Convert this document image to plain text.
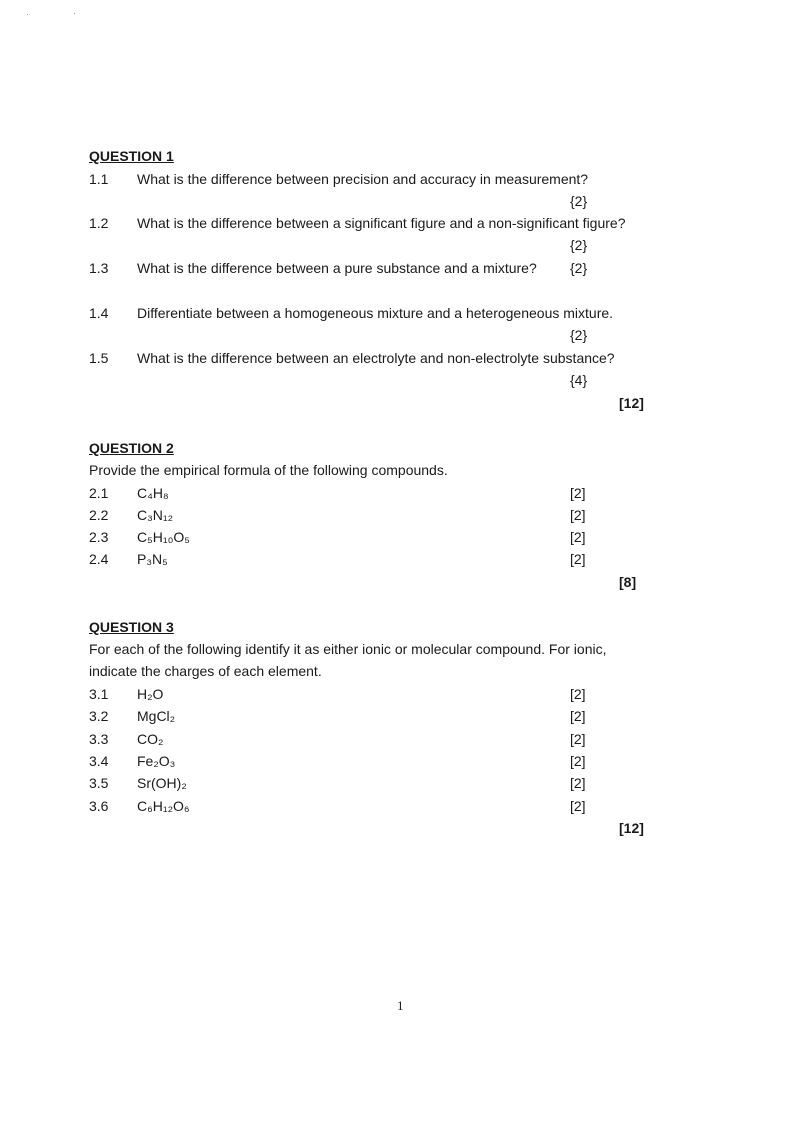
QUESTION 1
1.1	What is the difference between precision and accuracy in measurement?
{2}
1.2	What is the difference between a significant figure and a non-significant figure?
{2}
1.3	What is the difference between a pure substance and a mixture? {2}
1.4	Differentiate between a homogeneous mixture and a heterogeneous mixture.
{2}
1.5	What is the difference between an electrolyte and non-electrolyte substance?
{4}
[12]
QUESTION 2
Provide the empirical formula of the following compounds.
2.1	C₄H₈	[2]
2.2	C₃N₁₂	[2]
2.3	C₅H₁₀O₅	[2]
2.4	P₃N₅	[2]
[8]
QUESTION 3
For each of the following identify it as either ionic or molecular compound. For ionic,
indicate the charges of each element.
3.1	H₂O	[2]
3.2	MgCl₂	[2]
3.3	CO₂	[2]
3.4	Fe₂O₃	[2]
3.5	Sr(OH)₂	[2]
3.6	C₆H₁₂O₆	[2]
[12]
1
